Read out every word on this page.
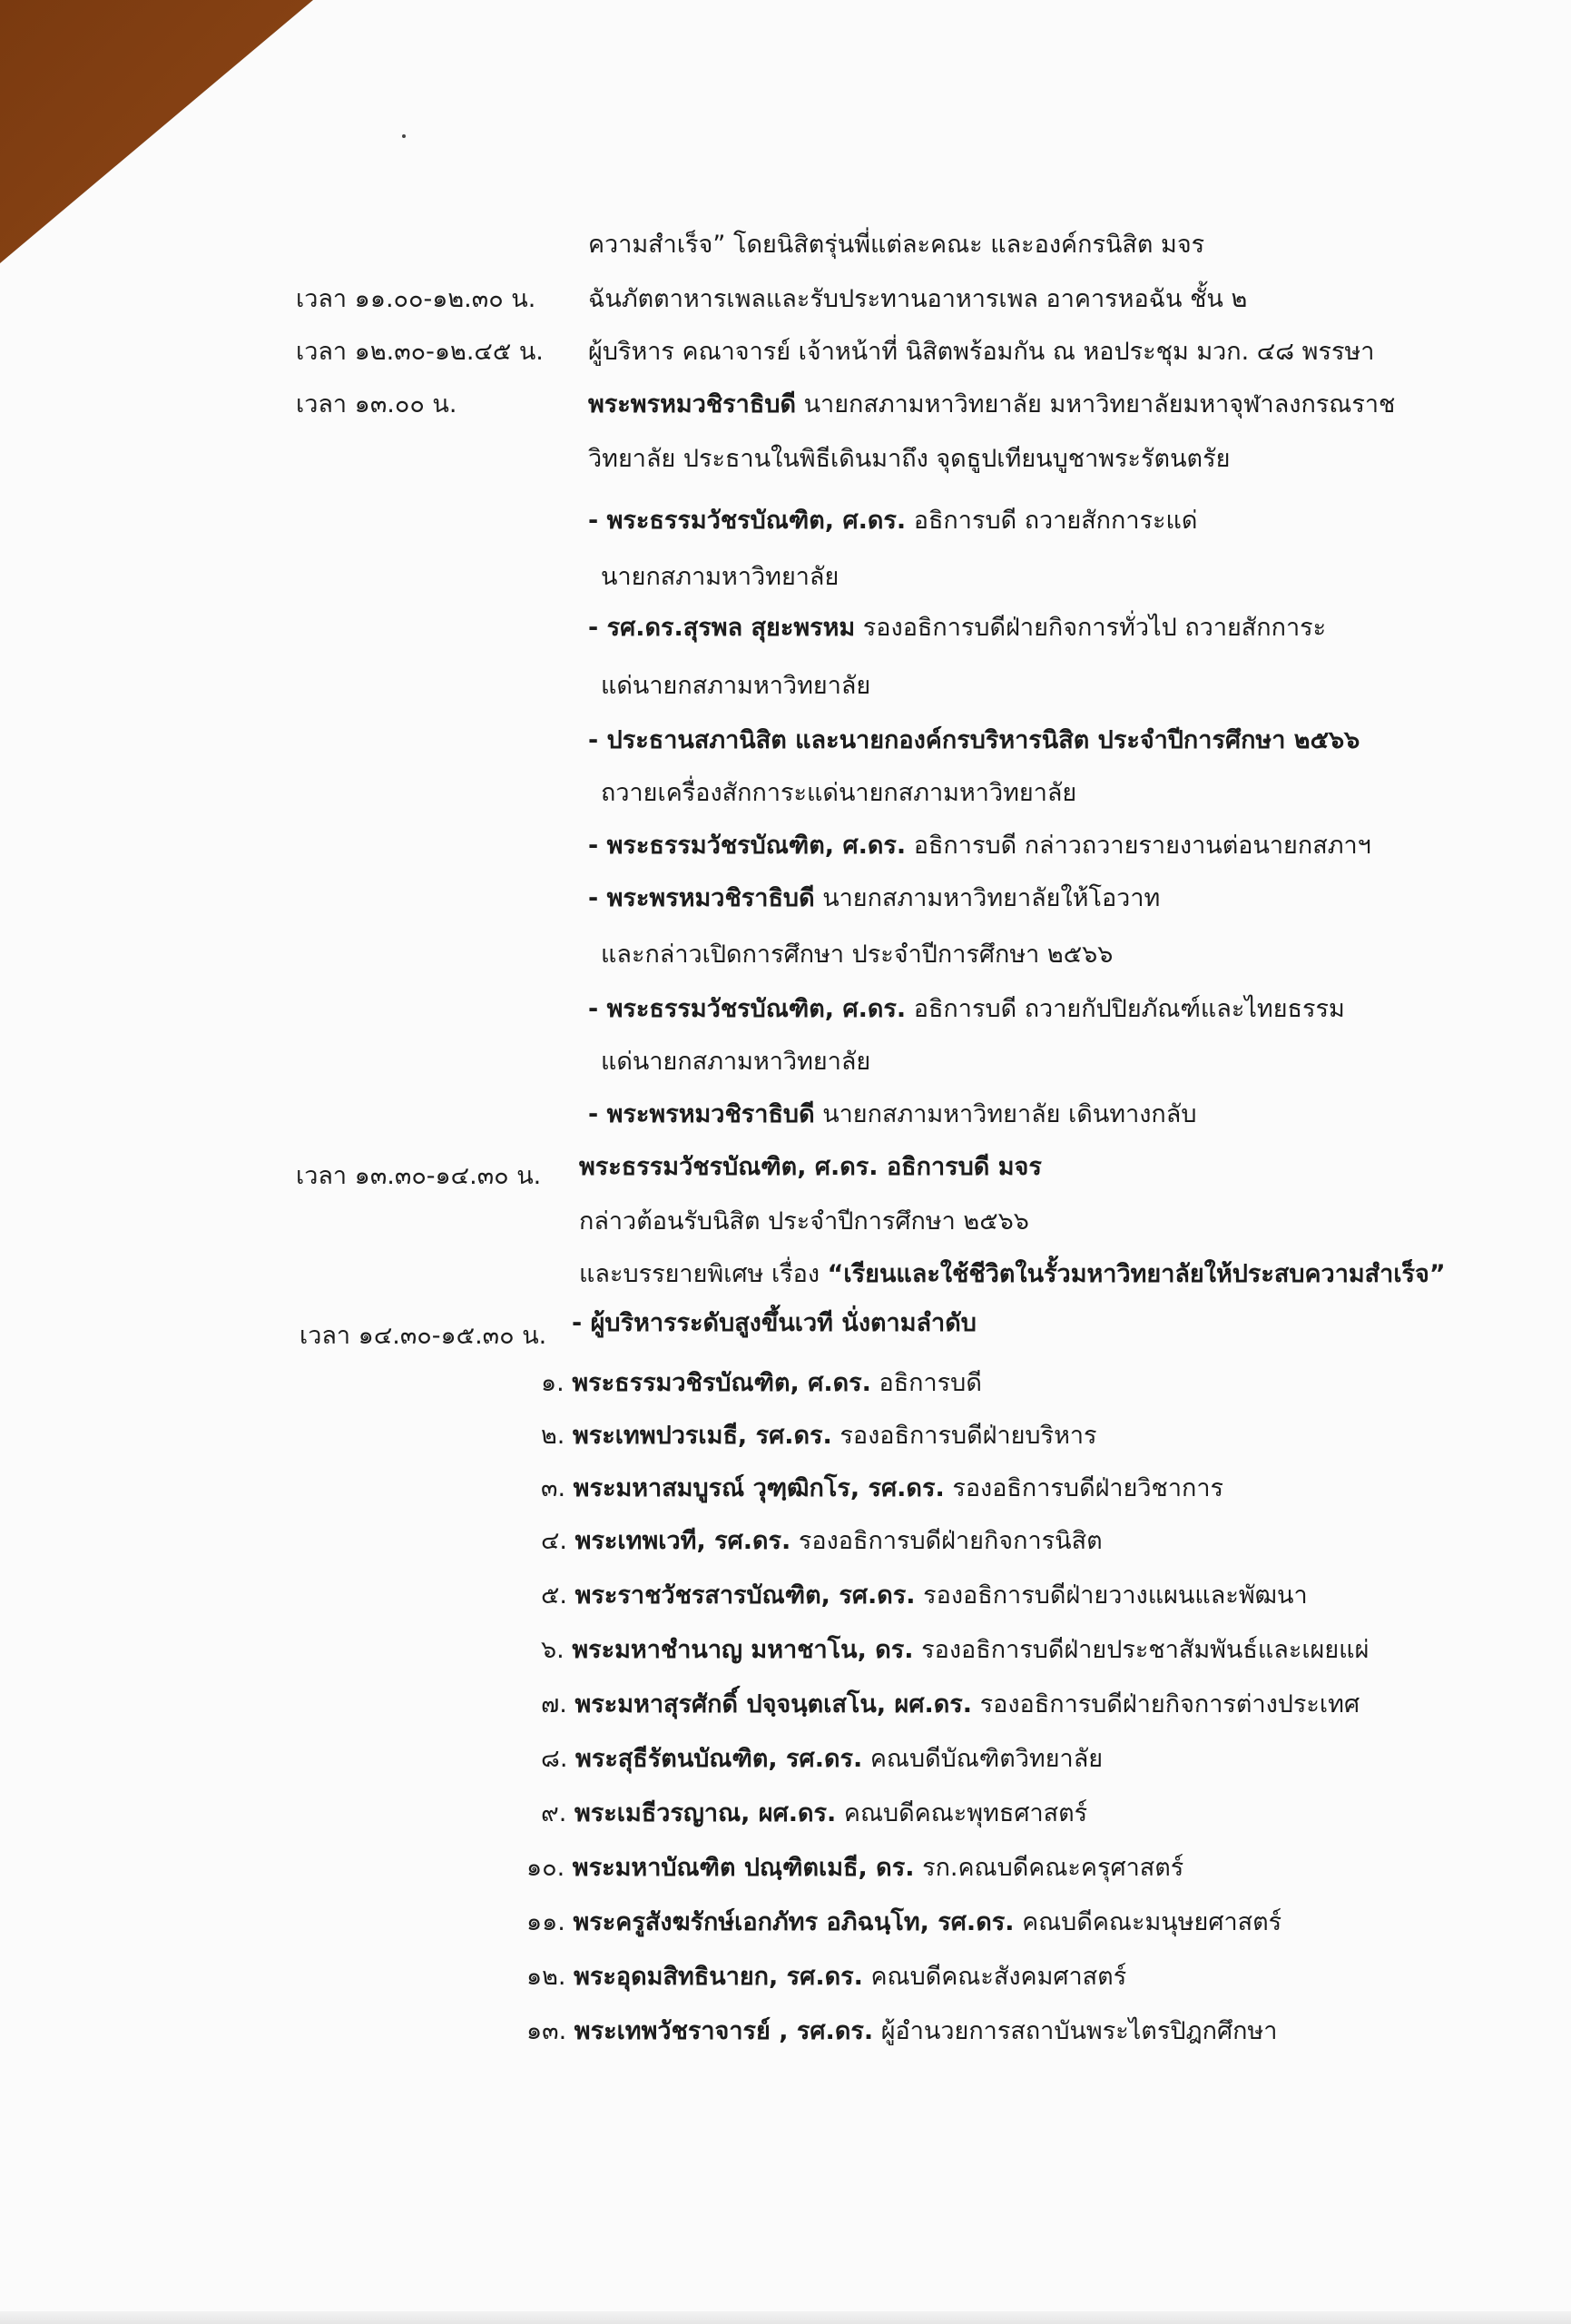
ความสำเร็จ” โดยนิสิตรุ่นพี่แต่ละคณะ และองค์กรนิสิต มจร
เวลา ๑๑.๐๐-๑๒.๓๐ น. ฉันภัตตาหารเพลและรับประทานอาหารเพล อาคารหอฉัน ชั้น ๒
เวลา ๑๒.๓๐-๑๒.๔๕ น. ผู้บริหาร คณาจารย์ เจ้าหน้าที่ นิสิตพร้อมกัน ณ หอประชุม มวก. ๔๘ พรรษา
เวลา ๑๓.๐๐ น.	พระพรหมวชิราธิบดี นายกสภามหาวิทยาลัย มหาวิทยาลัยมหาจุฬาลงกรณราช
วิทยาลัย ประธานในพิธีเดินมาถึง จุดธูปเทียนบูชาพระรัตนตรัย
- พระธรรมวัชรบัณฑิต, ศ.ดร. อธิการบดี ถวายสักการะแด่
นายกสภามหาวิทยาลัย
- รศ.ดร.สุรพล สุยะพรหม รองอธิการบดีฝ่ายกิจการทั่วไป ถวายสักการะ
แด่นายกสภามหาวิทยาลัย
- ประธานสภานิสิต และนายกองค์กรบริหารนิสิต ประจำปีการศึกษา ๒๕๖๖
ถวายเครื่องสักการะแด่นายกสภามหาวิทยาลัย
- พระธรรมวัชรบัณฑิต, ศ.ดร. อธิการบดี กล่าวถวายรายงานต่อนายกสภาฯ
- พระพรหมวชิราธิบดี นายกสภามหาวิทยาลัยให้โอวาท
และกล่าวเปิดการศึกษา ประจำปีการศึกษา ๒๕๖๖
- พระธรรมวัชรบัณฑิต, ศ.ดร. อธิการบดี ถวายกัปปิยภัณฑ์และไทยธรรม
แด่นายกสภามหาวิทยาลัย
- พระพรหมวชิราธิบดี นายกสภามหาวิทยาลัย เดินทางกลับ
เวลา ๑๓.๓๐-๑๔.๓๐ น. พระธรรมวัชรบัณฑิต, ศ.ดร. อธิการบดี มจร
กล่าวต้อนรับนิสิต ประจำปีการศึกษา ๒๕๖๖
และบรรยายพิเศษ เรื่อง “เรียนและใช้ชีวิตในรั้วมหาวิทยาลัยให้ประสบความสำเร็จ”
เวลา ๑๔.๓๐-๑๕.๓๐ น. - ผู้บริหารระดับสูงขึ้นเวที นั่งตามลำดับ
๑. พระธรรมวชิรบัณฑิต, ศ.ดร. อธิการบดี
๒. พระเทพปวรเมธี, รศ.ดร. รองอธิการบดีฝ่ายบริหาร
๓. พระมหาสมบูรณ์ วุฑฺฒิกโร, รศ.ดร. รองอธิการบดีฝ่ายวิชาการ
๔. พระเทพเวที, รศ.ดร. รองอธิการบดีฝ่ายกิจการนิสิต
๕. พระราชวัชรสารบัณฑิต, รศ.ดร. รองอธิการบดีฝ่ายวางแผนและพัฒนา
๖. พระมหาชำนาญ มหาชาโน, ดร. รองอธิการบดีฝ่ายประชาสัมพันธ์และเผยแผ่
๗. พระมหาสุรศักดิ์ ปจฺจนฺตเสโน, ผศ.ดร. รองอธิการบดีฝ่ายกิจการต่างประเทศ
๘. พระสุธีรัตนบัณฑิต, รศ.ดร. คณบดีบัณฑิตวิทยาลัย
๙. พระเมธีวรญาณ, ผศ.ดร. คณบดีคณะพุทธศาสตร์
๑๐. พระมหาบัณฑิต ปณฺฑิตเมธี, ดร. รก.คณบดีคณะครุศาสตร์
๑๑. พระครูสังฆรักษ์เอกภัทร อภิฉนฺโท, รศ.ดร. คณบดีคณะมนุษยศาสตร์
๑๒. พระอุดมสิทธินายก, รศ.ดร. คณบดีคณะสังคมศาสตร์
๑๓. พระเทพวัชราจารย์ , รศ.ดร. ผู้อำนวยการสถาบันพระไตรปิฎกศึกษา
